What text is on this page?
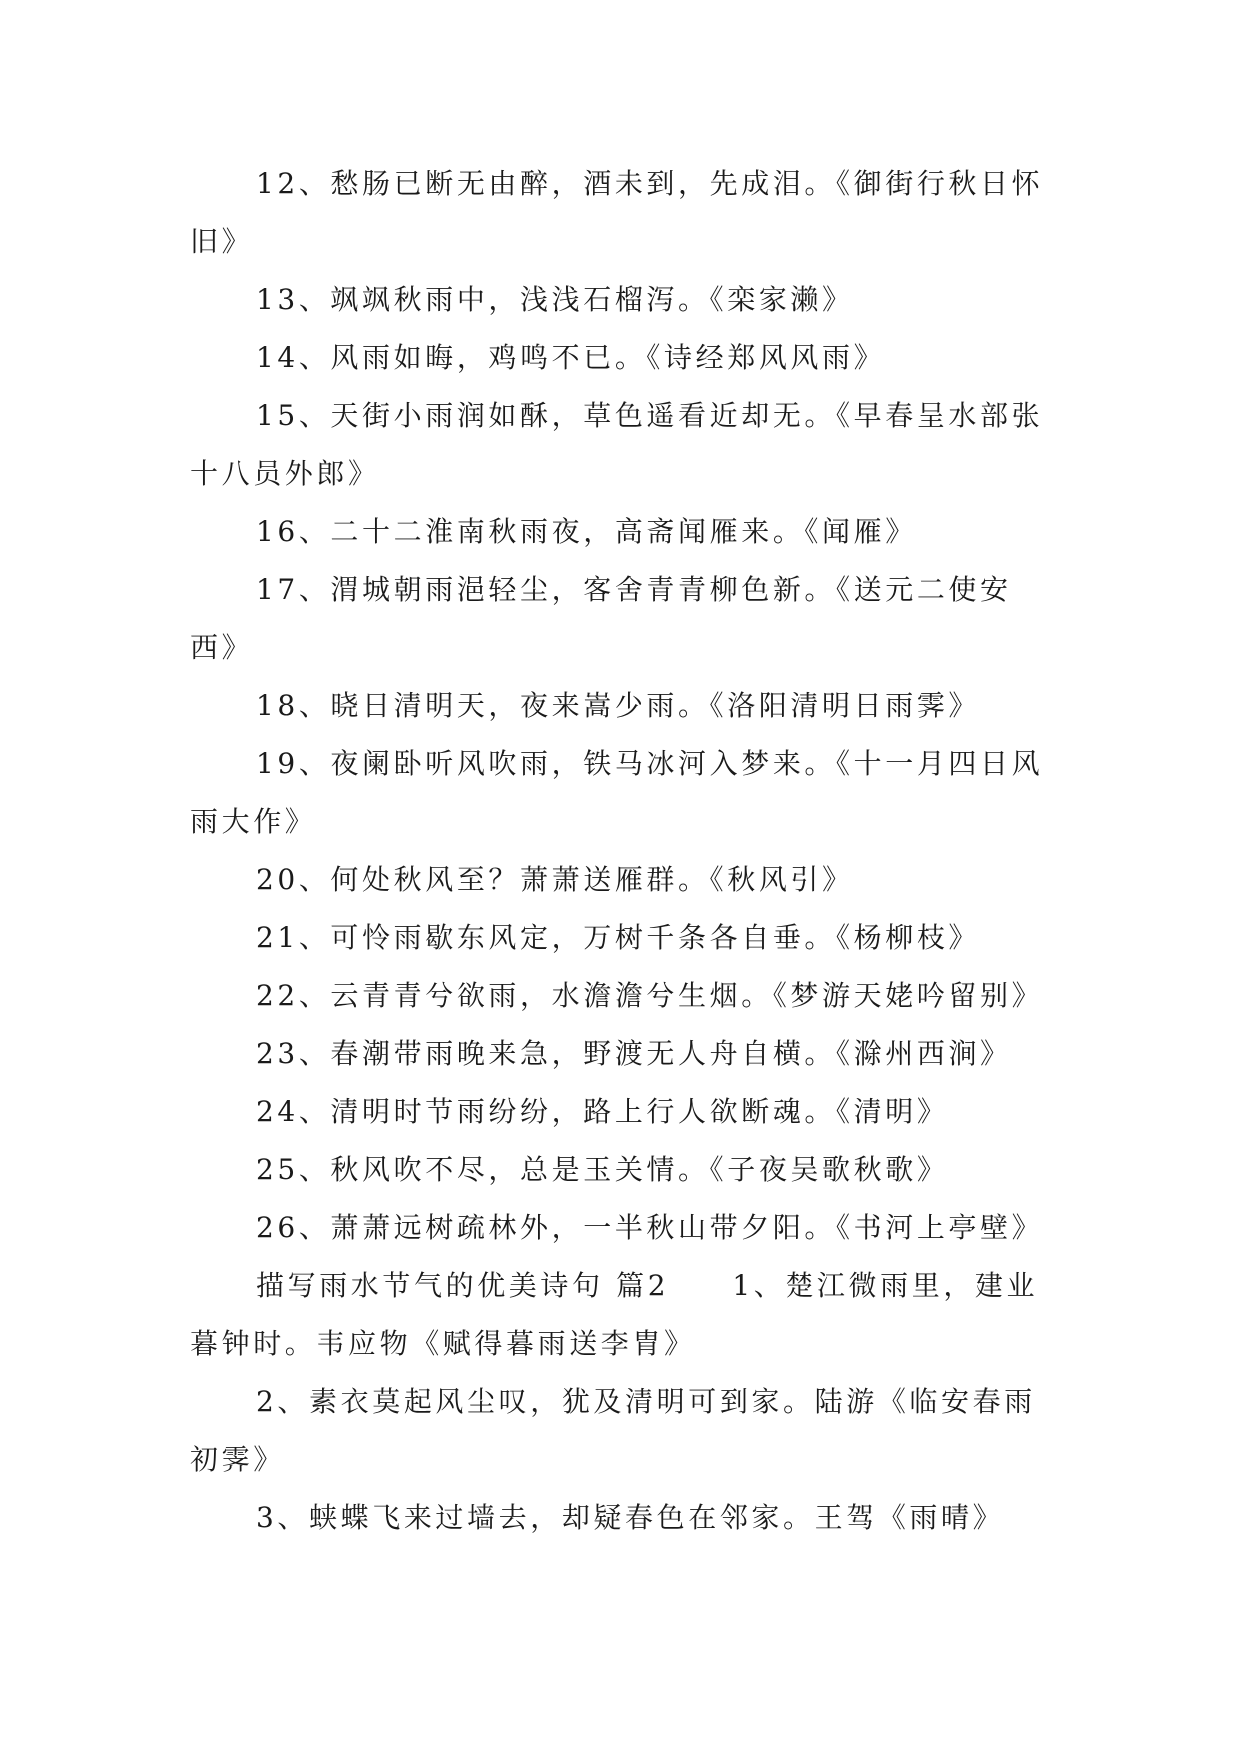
12、愁肠已断无由醉，酒未到，先成泪。《御街行秋日怀旧》

13、飒飒秋雨中，浅浅石榴泻。《栾家濑》

14、风雨如晦，鸡鸣不已。《诗经郑风风雨》

15、天街小雨润如酥，草色遥看近却无。《早春呈水部张十八员外郎》

16、二十二淮南秋雨夜，高斋闻雁来。《闻雁》

17、渭城朝雨浥轻尘，客舍青青柳色新。《送元二使安西》

18、晓日清明天，夜来嵩少雨。《洛阳清明日雨霁》

19、夜阑卧听风吹雨，铁马冰河入梦来。《十一月四日风雨大作》

20、何处秋风至？萧萧送雁群。《秋风引》

21、可怜雨歇东风定，万树千条各自垂。《杨柳枝》

22、云青青兮欲雨，水澹澹兮生烟。《梦游天姥吟留别》

23、春潮带雨晚来急，野渡无人舟自横。《滁州西涧》

24、清明时节雨纷纷，路上行人欲断魂。《清明》

25、秋风吹不尽，总是玉关情。《子夜吴歌秋歌》

26、萧萧远树疏林外，一半秋山带夕阳。《书河上亭壁》

描写雨水节气的优美诗句 篇2　　1、楚江微雨里，建业暮钟时。韦应物《赋得暮雨送李胄》

2、素衣莫起风尘叹，犹及清明可到家。陆游《临安春雨初霁》

3、蛱蝶飞来过墙去，却疑春色在邻家。王驾《雨晴》
